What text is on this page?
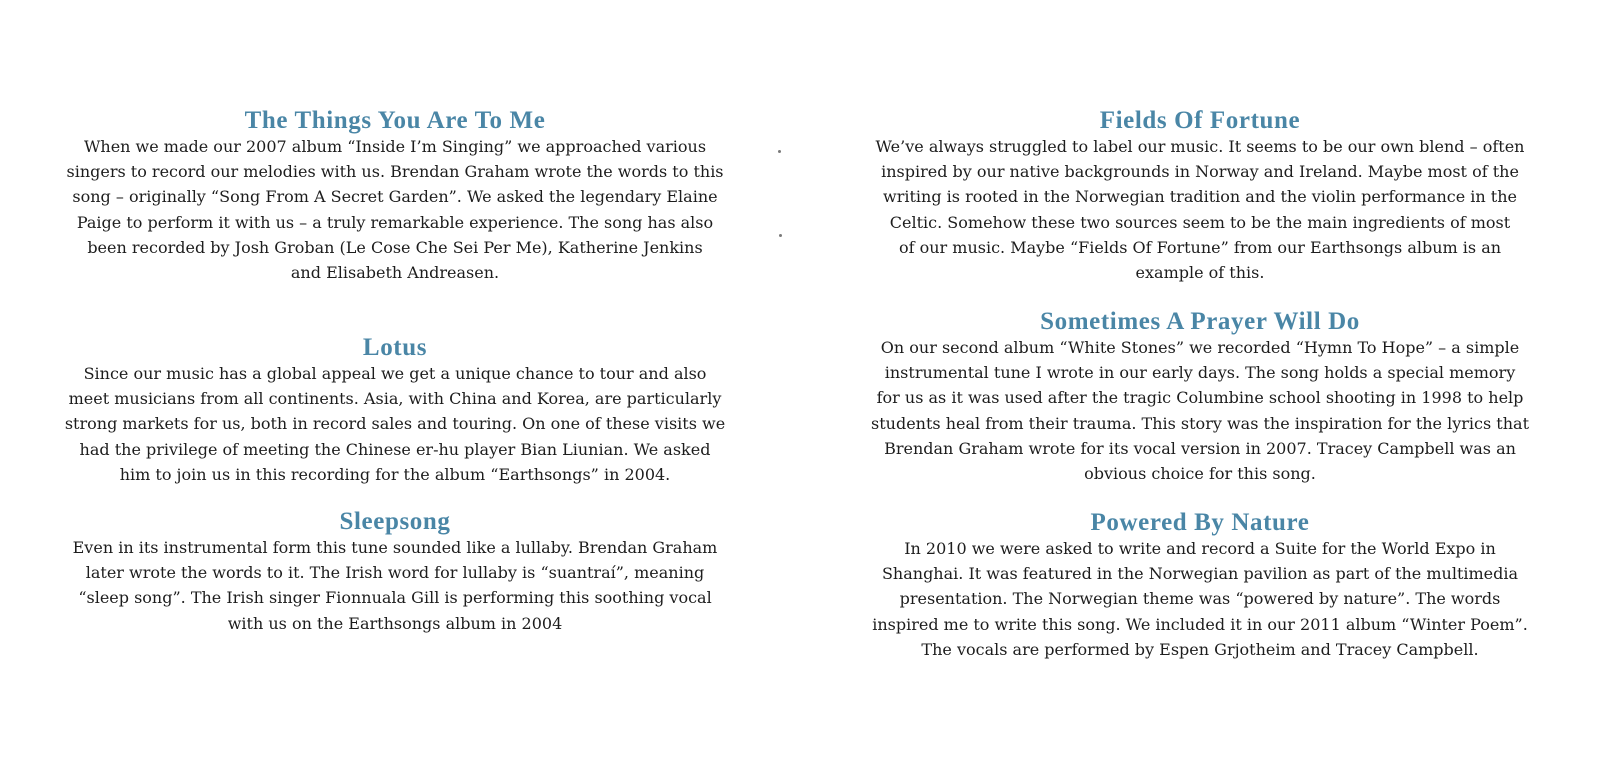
The Things You Are To Me

When we made our 2007 album “Inside I’m Singing” we approached various
singers to record our melodies with us. Brendan Graham wrote the words to this
song – originally “Song From A Secret Garden”. We asked the legendary Elaine
Paige to perform it with us – a truly remarkable experience. The song has also
been recorded by Josh Groban (Le Cose Che Sei Per Me), Katherine Jenkins
and Elisabeth Andreasen.

Lotus

Since our music has a global appeal we get a unique chance to tour and also
meet musicians from all continents. Asia, with China and Korea, are particularly
strong markets for us, both in record sales and touring. On one of these visits we
had the privilege of meeting the Chinese er-hu player Bian Liunian. We asked
him to join us in this recording for the album “Earthsongs” in 2004.

Sleepsong

Even in its instrumental form this tune sounded like a lullaby. Brendan Graham
later wrote the words to it. The Irish word for lullaby is “suantraí”, meaning
“sleep song”. The Irish singer Fionnuala Gill is performing this soothing vocal
with us on the Earthsongs album in 2004

Fields Of Fortune

We’ve always struggled to label our music. It seems to be our own blend – often
inspired by our native backgrounds in Norway and Ireland. Maybe most of the
writing is rooted in the Norwegian tradition and the violin performance in the
Celtic. Somehow these two sources seem to be the main ingredients of most
of our music. Maybe “Fields Of Fortune” from our Earthsongs album is an
example of this.

Sometimes A Prayer Will Do

On our second album “White Stones” we recorded “Hymn To Hope” – a simple
instrumental tune I wrote in our early days. The song holds a special memory
for us as it was used after the tragic Columbine school shooting in 1998 to help
students heal from their trauma. This story was the inspiration for the lyrics that
Brendan Graham wrote for its vocal version in 2007. Tracey Campbell was an
obvious choice for this song.

Powered By Nature

In 2010 we were asked to write and record a Suite for the World Expo in
Shanghai. It was featured in the Norwegian pavilion as part of the multimedia
presentation. The Norwegian theme was “powered by nature”. The words
inspired me to write this song. We included it in our 2011 album “Winter Poem”.
The vocals are performed by Espen Grjotheim and Tracey Campbell.
